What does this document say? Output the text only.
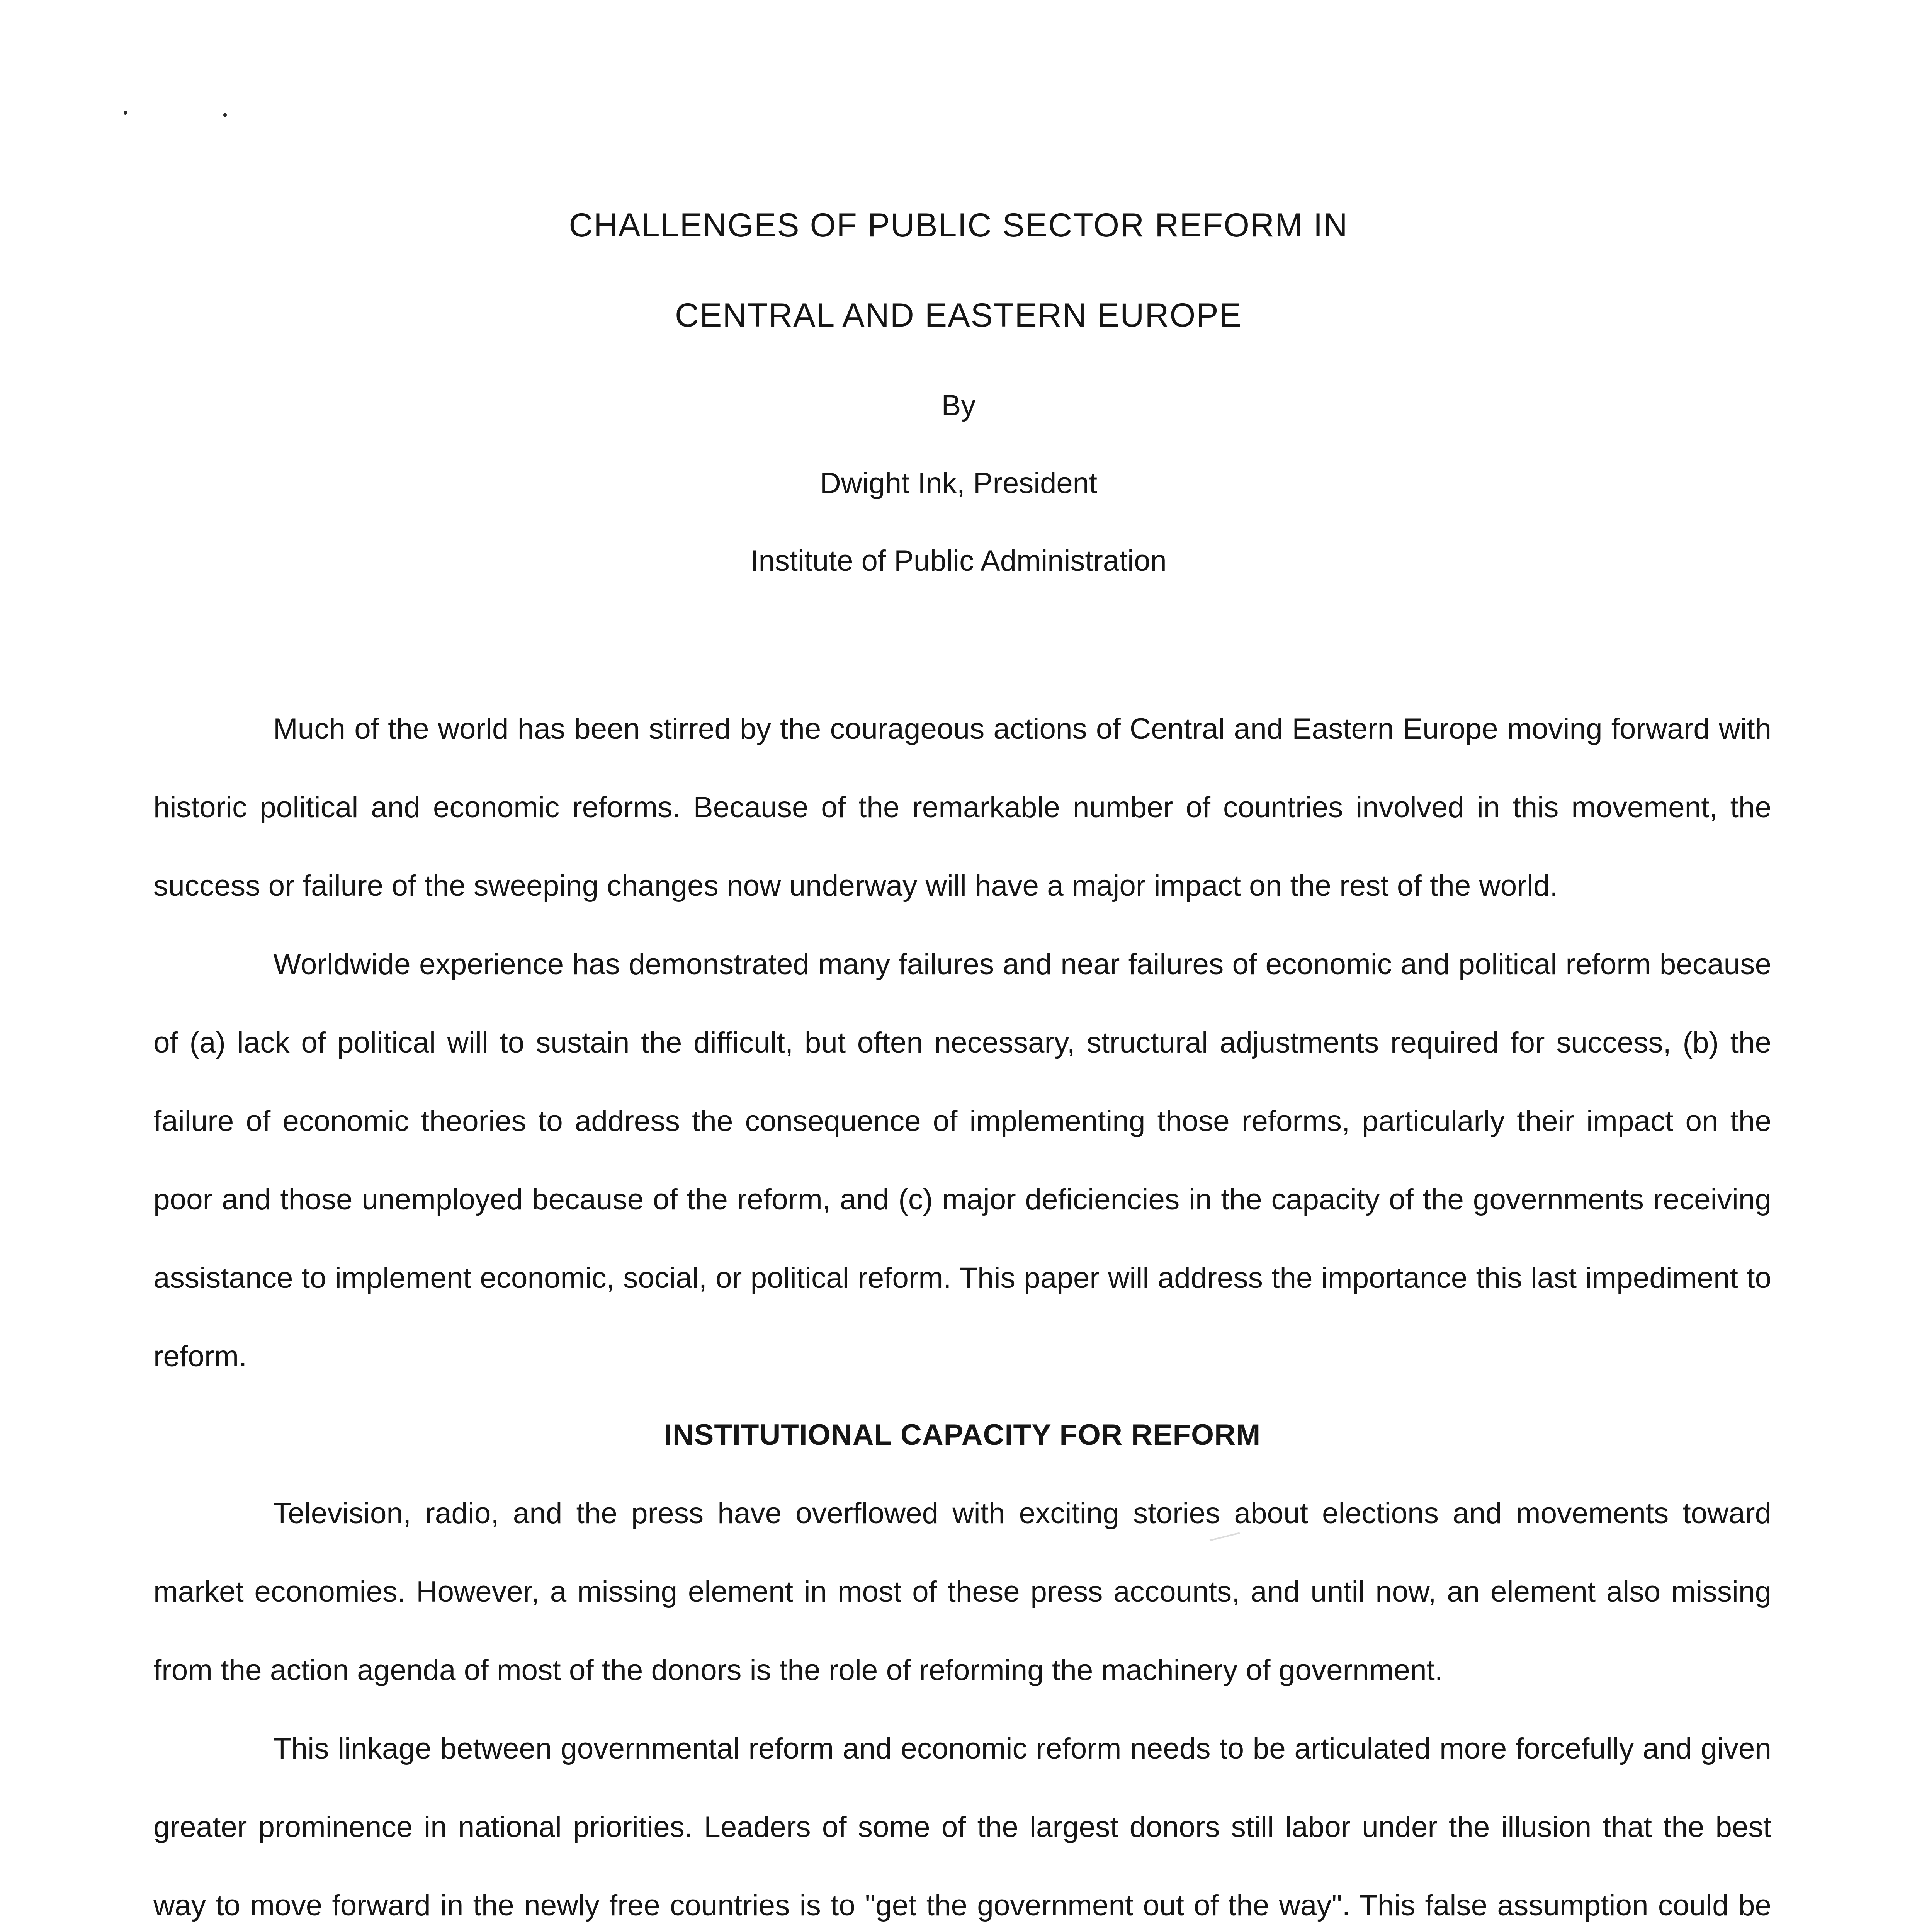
CHALLENGES OF PUBLIC SECTOR REFORM IN
CENTRAL AND EASTERN EUROPE
By
Dwight Ink, President
Institute of Public Administration

Much of the world has been stirred by the courageous actions of Central and Eastern Europe moving forward with historic political and economic reforms. Because of the remarkable number of countries involved in this movement, the success or failure of the sweeping changes now underway will have a major impact on the rest of the world.

Worldwide experience has demonstrated many failures and near failures of economic and political reform because of (a) lack of political will to sustain the difficult, but often necessary, structural adjustments required for success, (b) the failure of economic theories to address the consequence of implementing those reforms, particularly their impact on the poor and those unemployed because of the reform, and (c) major deficiencies in the capacity of the governments receiving assistance to implement economic, social, or political reform. This paper will address the importance this last impediment to reform.

INSTITUTIONAL CAPACITY FOR REFORM

Television, radio, and the press have overflowed with exciting stories about elections and movements toward market economies. However, a missing element in most of these press accounts, and until now, an element also missing from the action agenda of most of the donors is the role of reforming the machinery of government.

This linkage between governmental reform and economic reform needs to be articulated more forcefully and given greater prominence in national priorities. Leaders of some of the largest donors still labor under the illusion that the best way to move forward in the newly free countries is to "get the government out of the way". This false assumption could be
